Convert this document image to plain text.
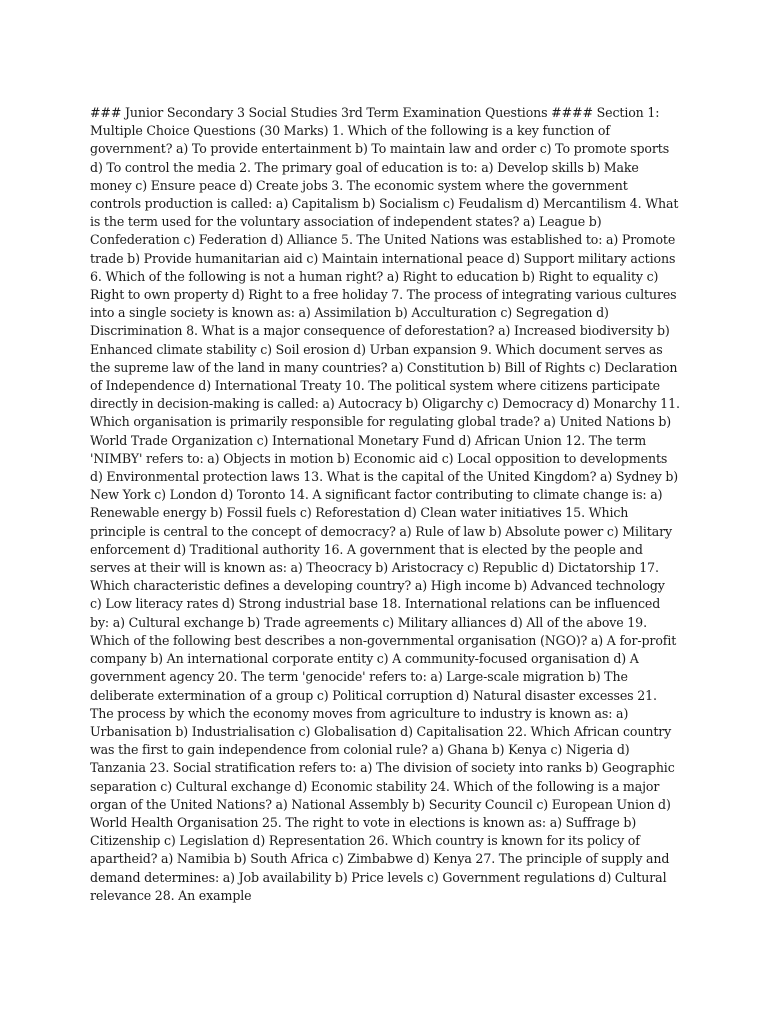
### Junior Secondary 3 Social Studies 3rd Term Examination Questions #### Section 1: Multiple Choice Questions (30 Marks) 1. Which of the following is a key function of government? a) To provide entertainment b) To maintain law and order c) To promote sports d) To control the media 2. The primary goal of education is to: a) Develop skills b) Make money c) Ensure peace d) Create jobs 3. The economic system where the government controls production is called: a) Capitalism b) Socialism c) Feudalism d) Mercantilism 4. What is the term used for the voluntary association of independent states? a) League b) Confederation c) Federation d) Alliance 5. The United Nations was established to: a) Promote trade b) Provide humanitarian aid c) Maintain international peace d) Support military actions 6. Which of the following is not a human right? a) Right to education b) Right to equality c) Right to own property d) Right to a free holiday 7. The process of integrating various cultures into a single society is known as: a) Assimilation b) Acculturation c) Segregation d) Discrimination 8. What is a major consequence of deforestation? a) Increased biodiversity b) Enhanced climate stability c) Soil erosion d) Urban expansion 9. Which document serves as the supreme law of the land in many countries? a) Constitution b) Bill of Rights c) Declaration of Independence d) International Treaty 10. The political system where citizens participate directly in decision-making is called: a) Autocracy b) Oligarchy c) Democracy d) Monarchy 11. Which organisation is primarily responsible for regulating global trade? a) United Nations b) World Trade Organization c) International Monetary Fund d) African Union 12. The term 'NIMBY' refers to: a) Objects in motion b) Economic aid c) Local opposition to developments d) Environmental protection laws 13. What is the capital of the United Kingdom? a) Sydney b) New York c) London d) Toronto 14. A significant factor contributing to climate change is: a) Renewable energy b) Fossil fuels c) Reforestation d) Clean water initiatives 15. Which principle is central to the concept of democracy? a) Rule of law b) Absolute power c) Military enforcement d) Traditional authority 16. A government that is elected by the people and serves at their will is known as: a) Theocracy b) Aristocracy c) Republic d) Dictatorship 17. Which characteristic defines a developing country? a) High income b) Advanced technology c) Low literacy rates d) Strong industrial base 18. International relations can be influenced by: a) Cultural exchange b) Trade agreements c) Military alliances d) All of the above 19. Which of the following best describes a non-governmental organisation (NGO)? a) A for-profit company b) An international corporate entity c) A community-focused organisation d) A government agency 20. The term 'genocide' refers to: a) Large-scale migration b) The deliberate extermination of a group c) Political corruption d) Natural disaster excesses 21. The process by which the economy moves from agriculture to industry is known as: a) Urbanisation b) Industrialisation c) Globalisation d) Capitalisation 22. Which African country was the first to gain independence from colonial rule? a) Ghana b) Kenya c) Nigeria d) Tanzania 23. Social stratification refers to: a) The division of society into ranks b) Geographic separation c) Cultural exchange d) Economic stability 24. Which of the following is a major organ of the United Nations? a) National Assembly b) Security Council c) European Union d) World Health Organisation 25. The right to vote in elections is known as: a) Suffrage b) Citizenship c) Legislation d) Representation 26. Which country is known for its policy of apartheid? a) Namibia b) South Africa c) Zimbabwe d) Kenya 27. The principle of supply and demand determines: a) Job availability b) Price levels c) Government regulations d) Cultural relevance 28. An example
